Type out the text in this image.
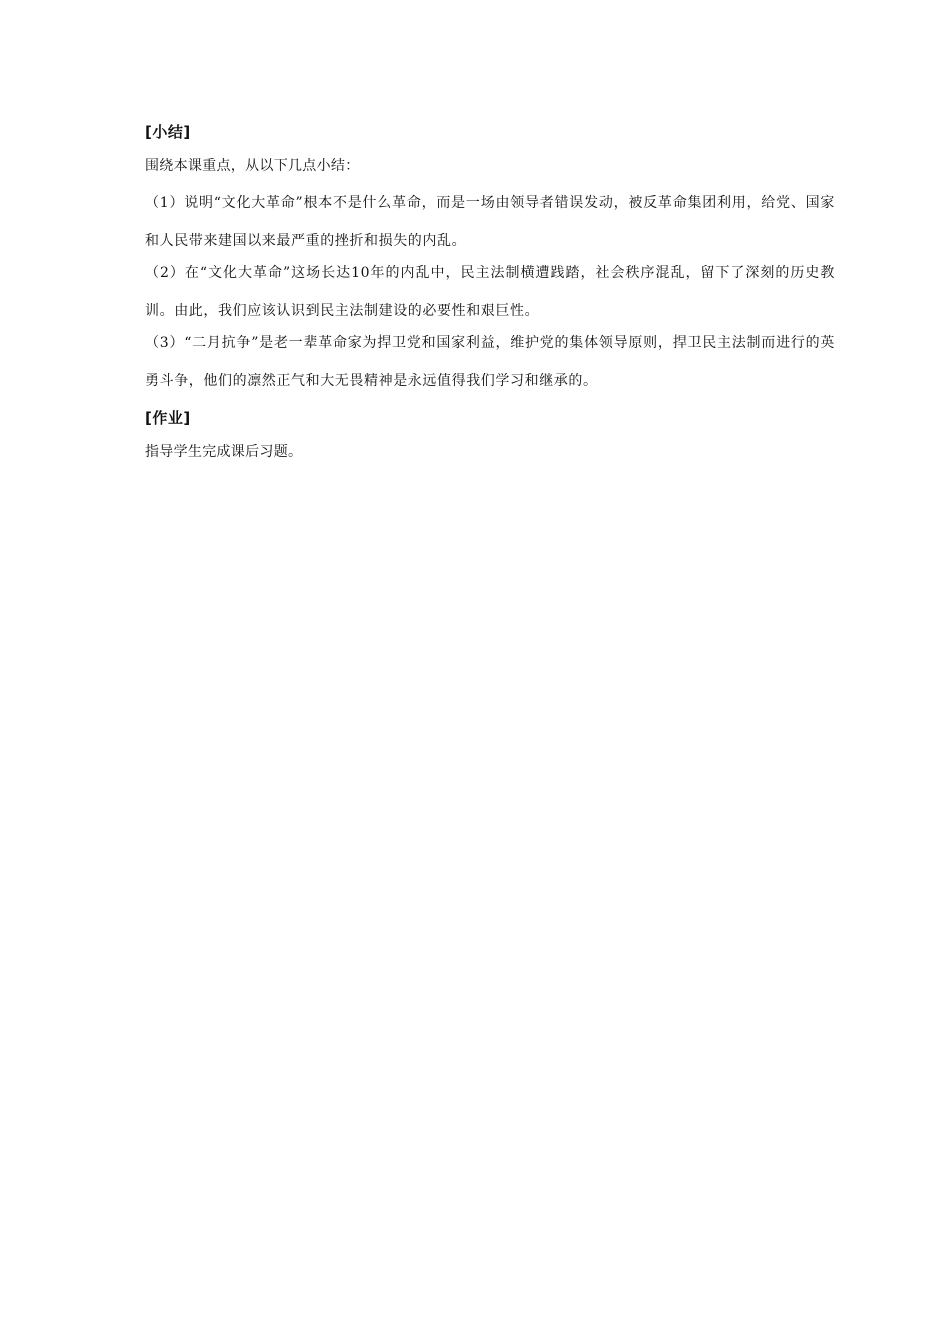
[小结]
围绕本课重点，从以下几点小结：
（1）说明“文化大革命”根本不是什么革命，而是一场由领导者错误发动，被反革命集团利用，给党、国家和人民带来建国以来最严重的挫折和损失的内乱。
（2）在“文化大革命”这场长达10年的内乱中，民主法制横遭践踏，社会秩序混乱，留下了深刻的历史教训。由此，我们应该认识到民主法制建设的必要性和艰巨性。
（3）“二月抗争”是老一辈革命家为捍卫党和国家利益，维护党的集体领导原则，捍卫民主法制而进行的英勇斗争，他们的凛然正气和大无畏精神是永远值得我们学习和继承的。
[作业]
指导学生完成课后习题。
